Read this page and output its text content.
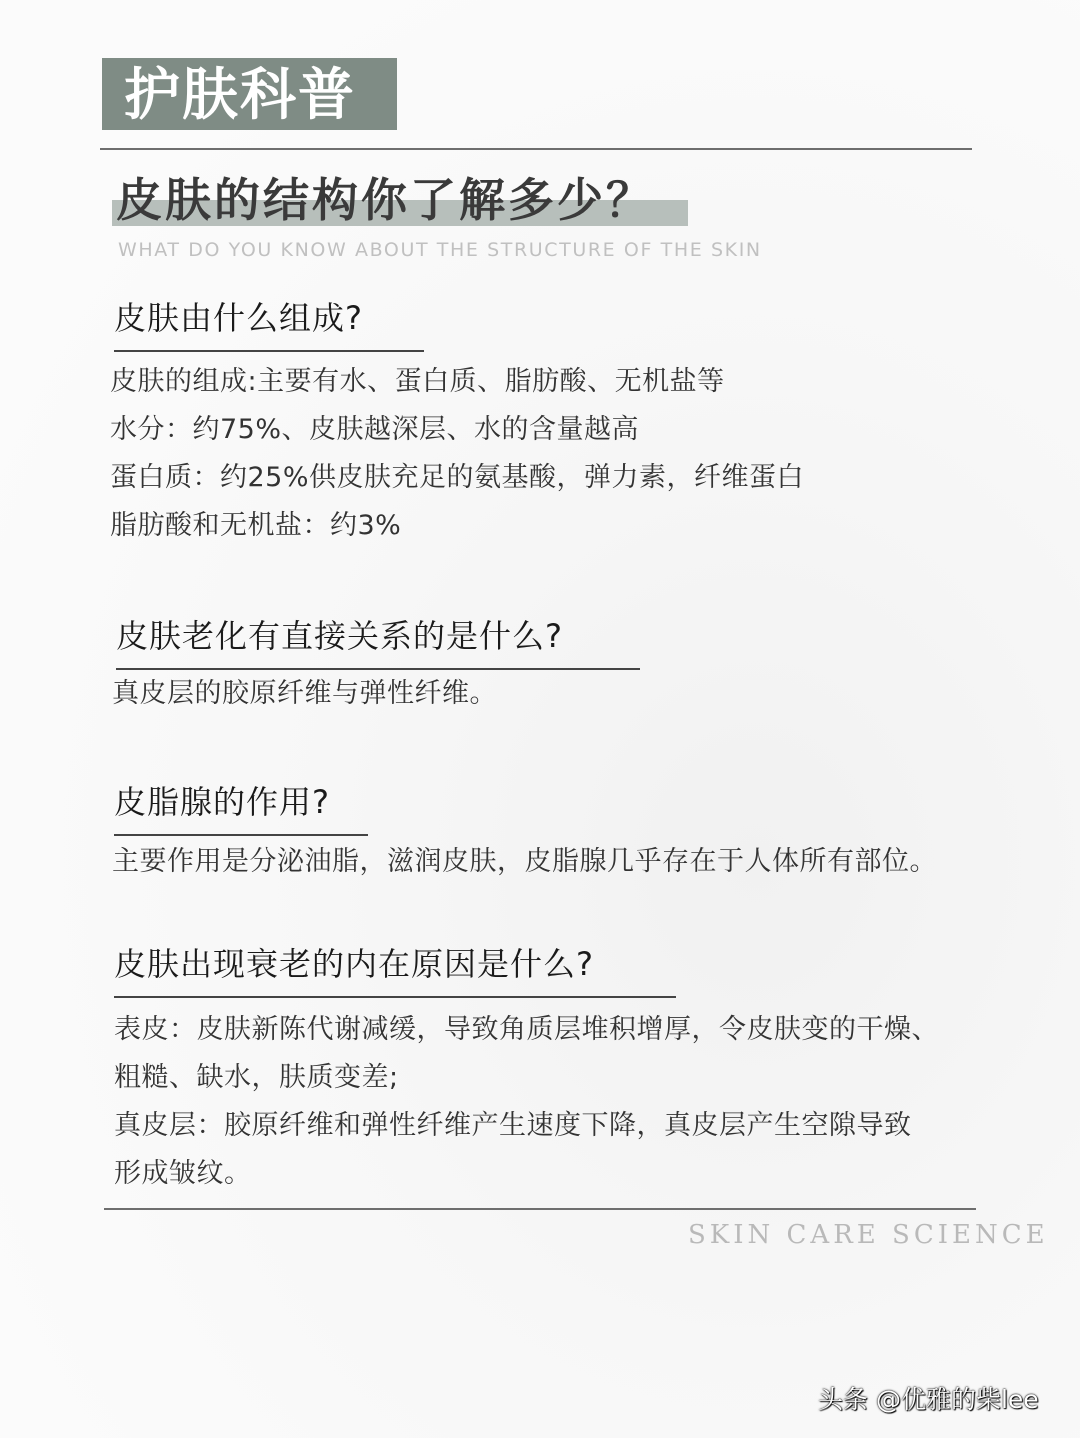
护肤科普
皮肤的结构你了解多少？
WHAT DO YOU KNOW ABOUT THE STRUCTURE OF THE SKIN
皮肤由什么组成?
皮肤的组成:主要有水、蛋白质、脂肪酸、无机盐等
水分：约75%、皮肤越深层、水的含量越高
蛋白质：约25%供皮肤充足的氨基酸，弹力素，纤维蛋白
脂肪酸和无机盐：约3%
皮肤老化有直接关系的是什么?
真皮层的胶原纤维与弹性纤维。
皮脂腺的作用?
主要作用是分泌油脂，滋润皮肤，皮脂腺几乎存在于人体所有部位。
皮肤出现衰老的内在原因是什么?
表皮：皮肤新陈代谢减缓，导致角质层堆积增厚，令皮肤变的干燥、
粗糙、缺水，肤质变差;
真皮层：胶原纤维和弹性纤维产生速度下降，真皮层产生空隙导致
形成皱纹。
SKIN CARE SCIENCE
头条 @优雅的柴lee
